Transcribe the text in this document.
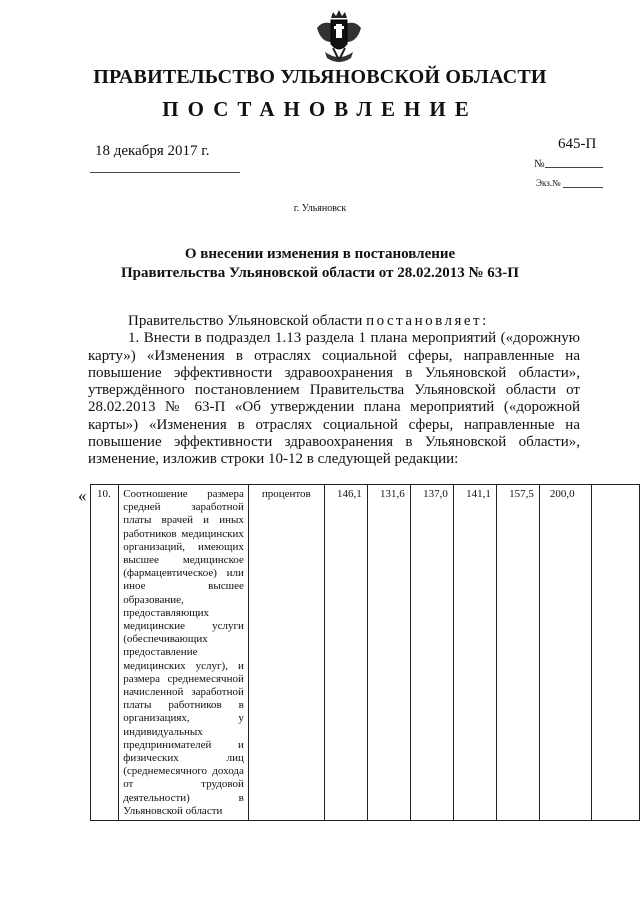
ПРАВИТЕЛЬСТВО УЛЬЯНОВСКОЙ ОБЛАСТИ
ПОСТАНОВЛЕНИЕ
18 декабря 2017 г.	645-П
№
Экз.№
г. Ульяновск
О внесении изменения в постановление
Правительства Ульяновской области от 28.02.2013 № 63-П

Правительство Ульяновской области постановляет:

1. Внести в подраздел 1.13 раздела 1 плана мероприятий («дорожную карту») «Изменения в отраслях социальной сферы, направленные на повышение эффективности здравоохранения в Ульяновской области», утверждённого постановлением Правительства Ульяновской области от 28.02.2013 № 63-П «Об утверждении плана мероприятий («дорожной карты») «Изменения в отраслях социальной сферы, направленные на повышение эффективности здравоохранения в Ульяновской области», изменение, изложив строки 10-12 в следующей редакции:

« 10.	Соотношение размера средней заработной платы врачей и иных работников медицинских организаций, имеющих высшее медицинское (фармацевтическое) или иное высшее образование, предоставляющих медицинские услуги (обеспечивающих предоставление медицинских услуг), и размера среднемесячной начисленной заработной платы работников в организациях, у индивидуальных предпринимателей и физических лиц (среднемесячного дохода от трудовой деятельности) в Ульяновской области	процентов	146,1	131,6	137,0	141,1	157,5	200,0	
